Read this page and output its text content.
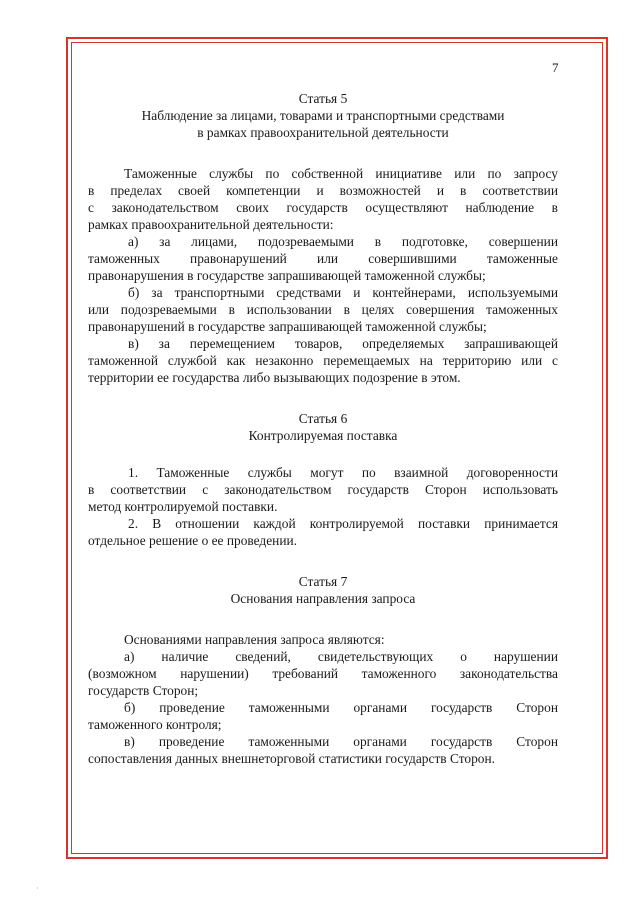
7
Статья 5
Наблюдение за лицами, товарами и транспортными средствами
в рамках правоохранительной деятельности
Таможенные службы по собственной инициативе или по запросу
в пределах своей компетенции и возможностей и в соответствии
с законодательством своих государств осуществляют наблюдение в
рамках правоохранительной деятельности:
а) за лицами, подозреваемыми в подготовке, совершении
таможенных правонарушений или совершившими таможенные
правонарушения в государстве запрашивающей таможенной службы;
б) за транспортными средствами и контейнерами, используемыми
или подозреваемыми в использовании в целях совершения таможенных
правонарушений в государстве запрашивающей таможенной службы;
в) за перемещением товаров, определяемых запрашивающей
таможенной службой как незаконно перемещаемых на территорию или с
территории ее государства либо вызывающих подозрение в этом.
Статья 6
Контролируемая поставка
1. Таможенные службы могут по взаимной договоренности
в соответствии с законодательством государств Сторон использовать
метод контролируемой поставки.
2. В отношении каждой контролируемой поставки принимается
отдельное решение о ее проведении.
Статья 7
Основания направления запроса
Основаниями направления запроса являются:
а) наличие сведений, свидетельствующих о нарушении
(возможном нарушении) требований таможенного законодательства
государств Сторон;
б) проведение таможенными органами государств Сторон
таможенного контроля;
в) проведение таможенными органами государств Сторон
сопоставления данных внешнеторговой статистики государств Сторон.
·
